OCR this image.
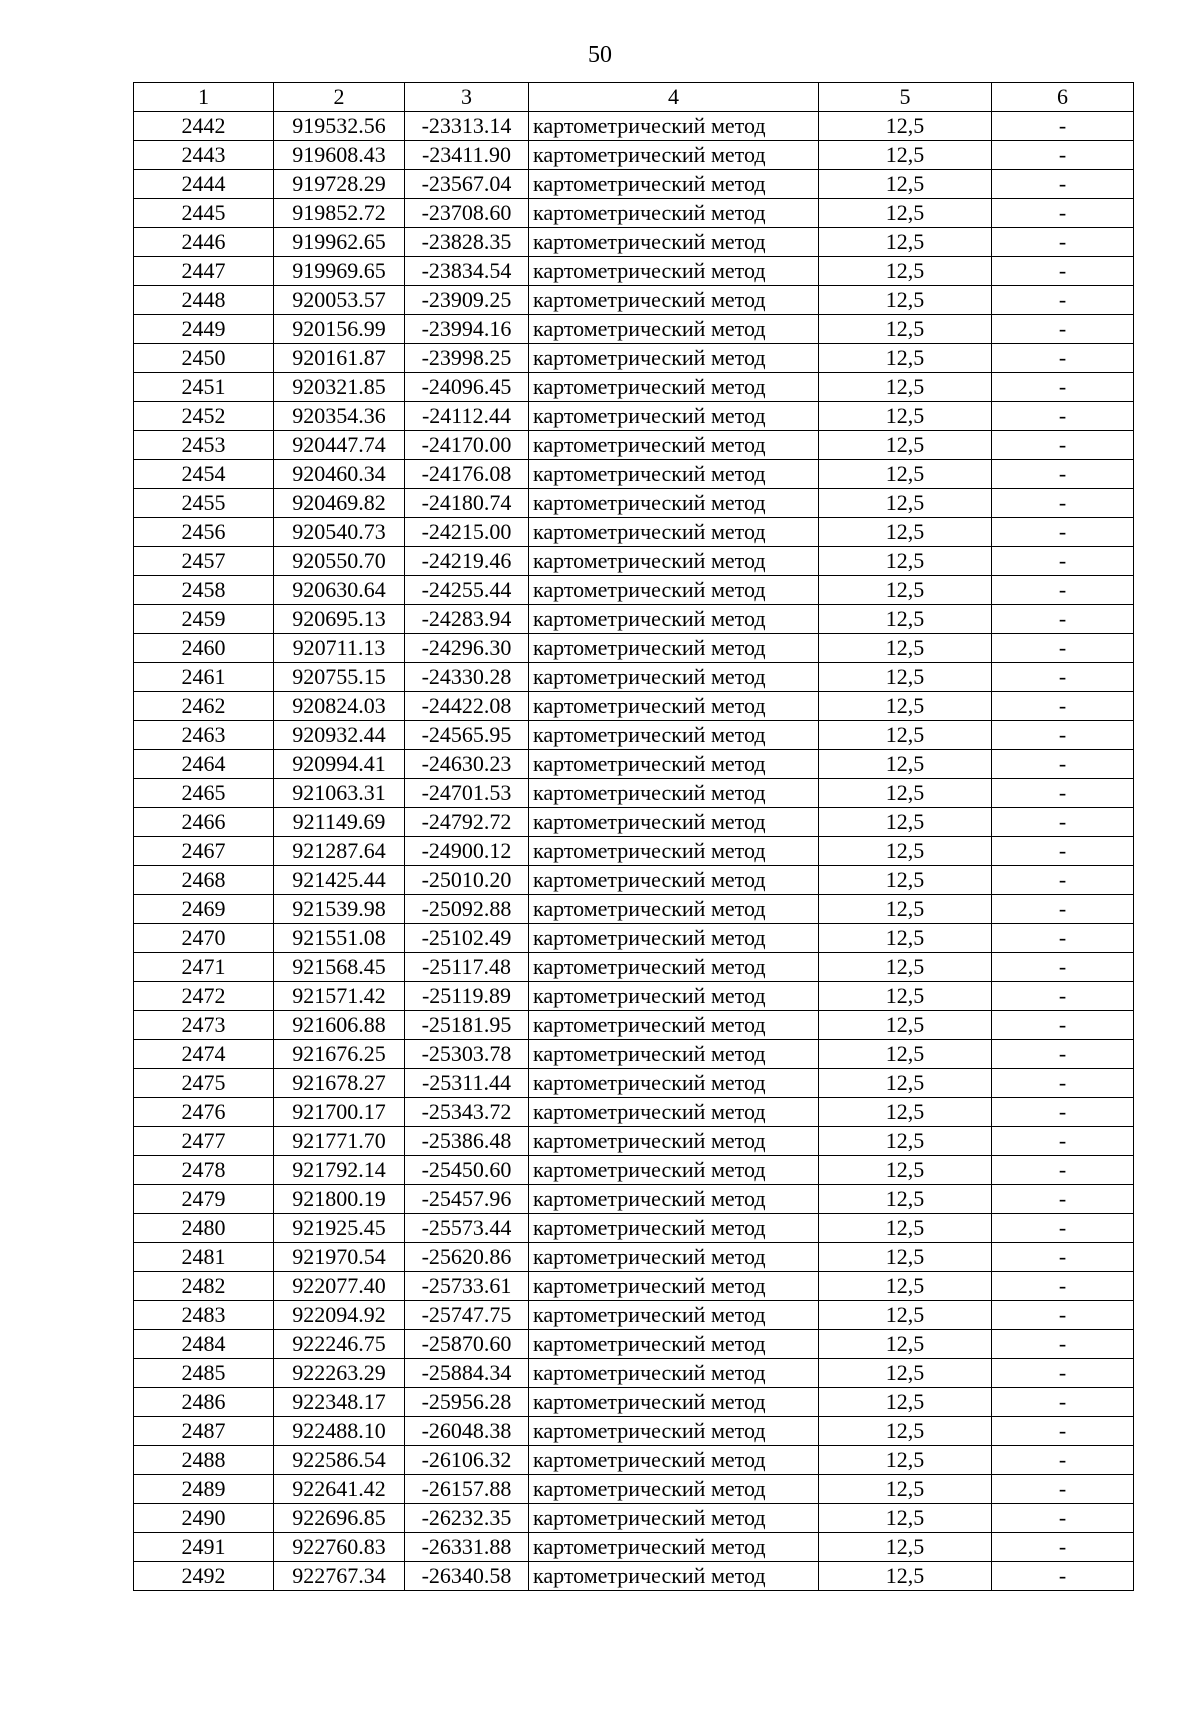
50
1	2	3	4	5	6
2442	919532.56	-23313.14	картометрический метод	12,5	-
2443	919608.43	-23411.90	картометрический метод	12,5	-
2444	919728.29	-23567.04	картометрический метод	12,5	-
2445	919852.72	-23708.60	картометрический метод	12,5	-
2446	919962.65	-23828.35	картометрический метод	12,5	-
2447	919969.65	-23834.54	картометрический метод	12,5	-
2448	920053.57	-23909.25	картометрический метод	12,5	-
2449	920156.99	-23994.16	картометрический метод	12,5	-
2450	920161.87	-23998.25	картометрический метод	12,5	-
2451	920321.85	-24096.45	картометрический метод	12,5	-
2452	920354.36	-24112.44	картометрический метод	12,5	-
2453	920447.74	-24170.00	картометрический метод	12,5	-
2454	920460.34	-24176.08	картометрический метод	12,5	-
2455	920469.82	-24180.74	картометрический метод	12,5	-
2456	920540.73	-24215.00	картометрический метод	12,5	-
2457	920550.70	-24219.46	картометрический метод	12,5	-
2458	920630.64	-24255.44	картометрический метод	12,5	-
2459	920695.13	-24283.94	картометрический метод	12,5	-
2460	920711.13	-24296.30	картометрический метод	12,5	-
2461	920755.15	-24330.28	картометрический метод	12,5	-
2462	920824.03	-24422.08	картометрический метод	12,5	-
2463	920932.44	-24565.95	картометрический метод	12,5	-
2464	920994.41	-24630.23	картометрический метод	12,5	-
2465	921063.31	-24701.53	картометрический метод	12,5	-
2466	921149.69	-24792.72	картометрический метод	12,5	-
2467	921287.64	-24900.12	картометрический метод	12,5	-
2468	921425.44	-25010.20	картометрический метод	12,5	-
2469	921539.98	-25092.88	картометрический метод	12,5	-
2470	921551.08	-25102.49	картометрический метод	12,5	-
2471	921568.45	-25117.48	картометрический метод	12,5	-
2472	921571.42	-25119.89	картометрический метод	12,5	-
2473	921606.88	-25181.95	картометрический метод	12,5	-
2474	921676.25	-25303.78	картометрический метод	12,5	-
2475	921678.27	-25311.44	картометрический метод	12,5	-
2476	921700.17	-25343.72	картометрический метод	12,5	-
2477	921771.70	-25386.48	картометрический метод	12,5	-
2478	921792.14	-25450.60	картометрический метод	12,5	-
2479	921800.19	-25457.96	картометрический метод	12,5	-
2480	921925.45	-25573.44	картометрический метод	12,5	-
2481	921970.54	-25620.86	картометрический метод	12,5	-
2482	922077.40	-25733.61	картометрический метод	12,5	-
2483	922094.92	-25747.75	картометрический метод	12,5	-
2484	922246.75	-25870.60	картометрический метод	12,5	-
2485	922263.29	-25884.34	картометрический метод	12,5	-
2486	922348.17	-25956.28	картометрический метод	12,5	-
2487	922488.10	-26048.38	картометрический метод	12,5	-
2488	922586.54	-26106.32	картометрический метод	12,5	-
2489	922641.42	-26157.88	картометрический метод	12,5	-
2490	922696.85	-26232.35	картометрический метод	12,5	-
2491	922760.83	-26331.88	картометрический метод	12,5	-
2492	922767.34	-26340.58	картометрический метод	12,5	-
